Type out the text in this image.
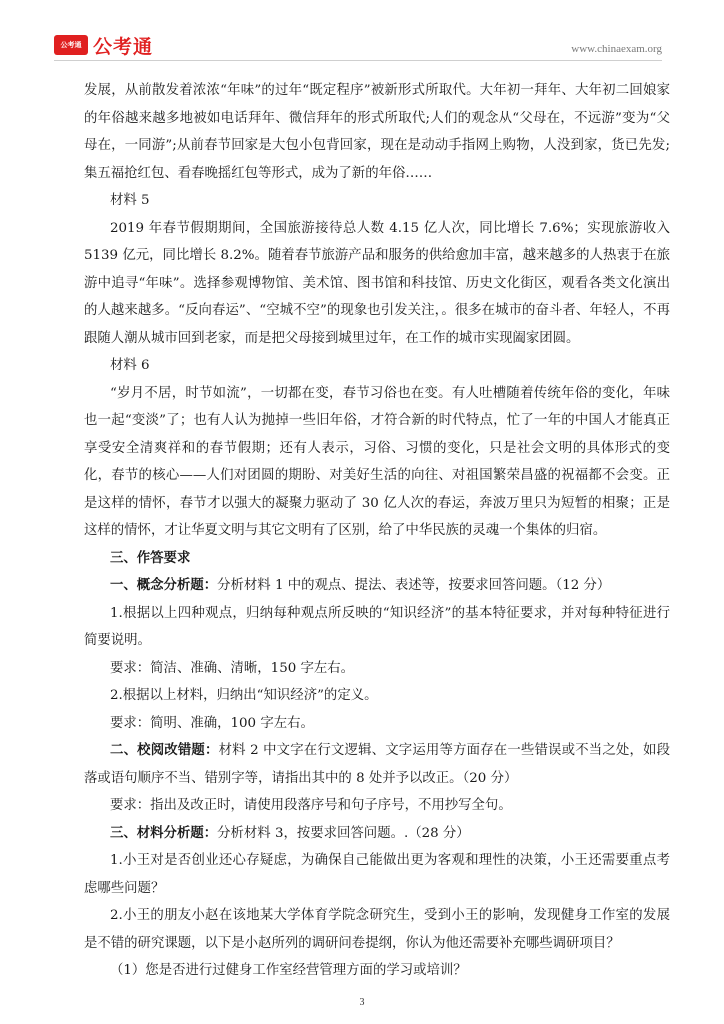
公考通 公考通	www.chinaexam.org

发展，从前散发着浓浓“年味”的过年“既定程序”被新形式所取代。大年初一拜年、大年初二回娘家的年俗越来越多地被如电话拜年、微信拜年的形式所取代;人们的观念从“父母在，不远游”变为“父母在，一同游”;从前春节回家是大包小包背回家，现在是动动手指网上购物，人没到家，货已先发;集五福抢红包、看春晚摇红包等形式，成为了新的年俗……

材料 5

2019 年春节假期期间，全国旅游接待总人数 4.15 亿人次，同比增长 7.6%；实现旅游收入 5139 亿元，同比增长 8.2%。随着春节旅游产品和服务的供给愈加丰富，越来越多的人热衷于在旅游中追寻“年味”。选择参观博物馆、美术馆、图书馆和科技馆、历史文化街区，观看各类文化演出的人越来越多。“反向春运”、“空城不空”的现象也引发关注，。很多在城市的奋斗者、年轻人，不再跟随人潮从城市回到老家，而是把父母接到城里过年，在工作的城市实现阖家团圆。

材料 6

“岁月不居，时节如流”，一切都在变，春节习俗也在变。有人吐槽随着传统年俗的变化，年味也一起“变淡”了；也有人认为抛掉一些旧年俗，才符合新的时代特点，忙了一年的中国人才能真正享受安全清爽祥和的春节假期；还有人表示，习俗、习惯的变化，只是社会文明的具体形式的变化，春节的核心——人们对团圆的期盼、对美好生活的向往、对祖国繁荣昌盛的祝福都不会变。正是这样的情怀，春节才以强大的凝聚力驱动了 30 亿人次的春运，奔波万里只为短暂的相聚；正是这样的情怀，才让华夏文明与其它文明有了区别，给了中华民族的灵魂一个集体的归宿。

三、作答要求

一、概念分析题：分析材料 1 中的观点、提法、表述等，按要求回答问题。（12 分）

1.根据以上四种观点，归纳每种观点所反映的“知识经济”的基本特征要求，并对每种特征进行简要说明。

要求：简洁、准确、清晰，150 字左右。

2.根据以上材料，归纳出“知识经济”的定义。

要求：简明、准确，100 字左右。

二、校阅改错题：材料 2 中文字在行文逻辑、文字运用等方面存在一些错误或不当之处，如段落或语句顺序不当、错别字等，请指出其中的 8 处并予以改正。（20 分）

要求：指出及改正时，请使用段落序号和句子序号，不用抄写全句。

三、材料分析题：分析材料 3，按要求回答问题。.（28 分）

1.小王对是否创业还心存疑虑，为确保自己能做出更为客观和理性的决策，小王还需要重点考虑哪些问题？

2.小王的朋友小赵在该地某大学体育学院念研究生，受到小王的影响，发现健身工作室的发展是不错的研究课题，以下是小赵所列的调研问卷提纲，你认为他还需要补充哪些调研项目？

（1）您是否进行过健身工作室经营管理方面的学习或培训？

3
